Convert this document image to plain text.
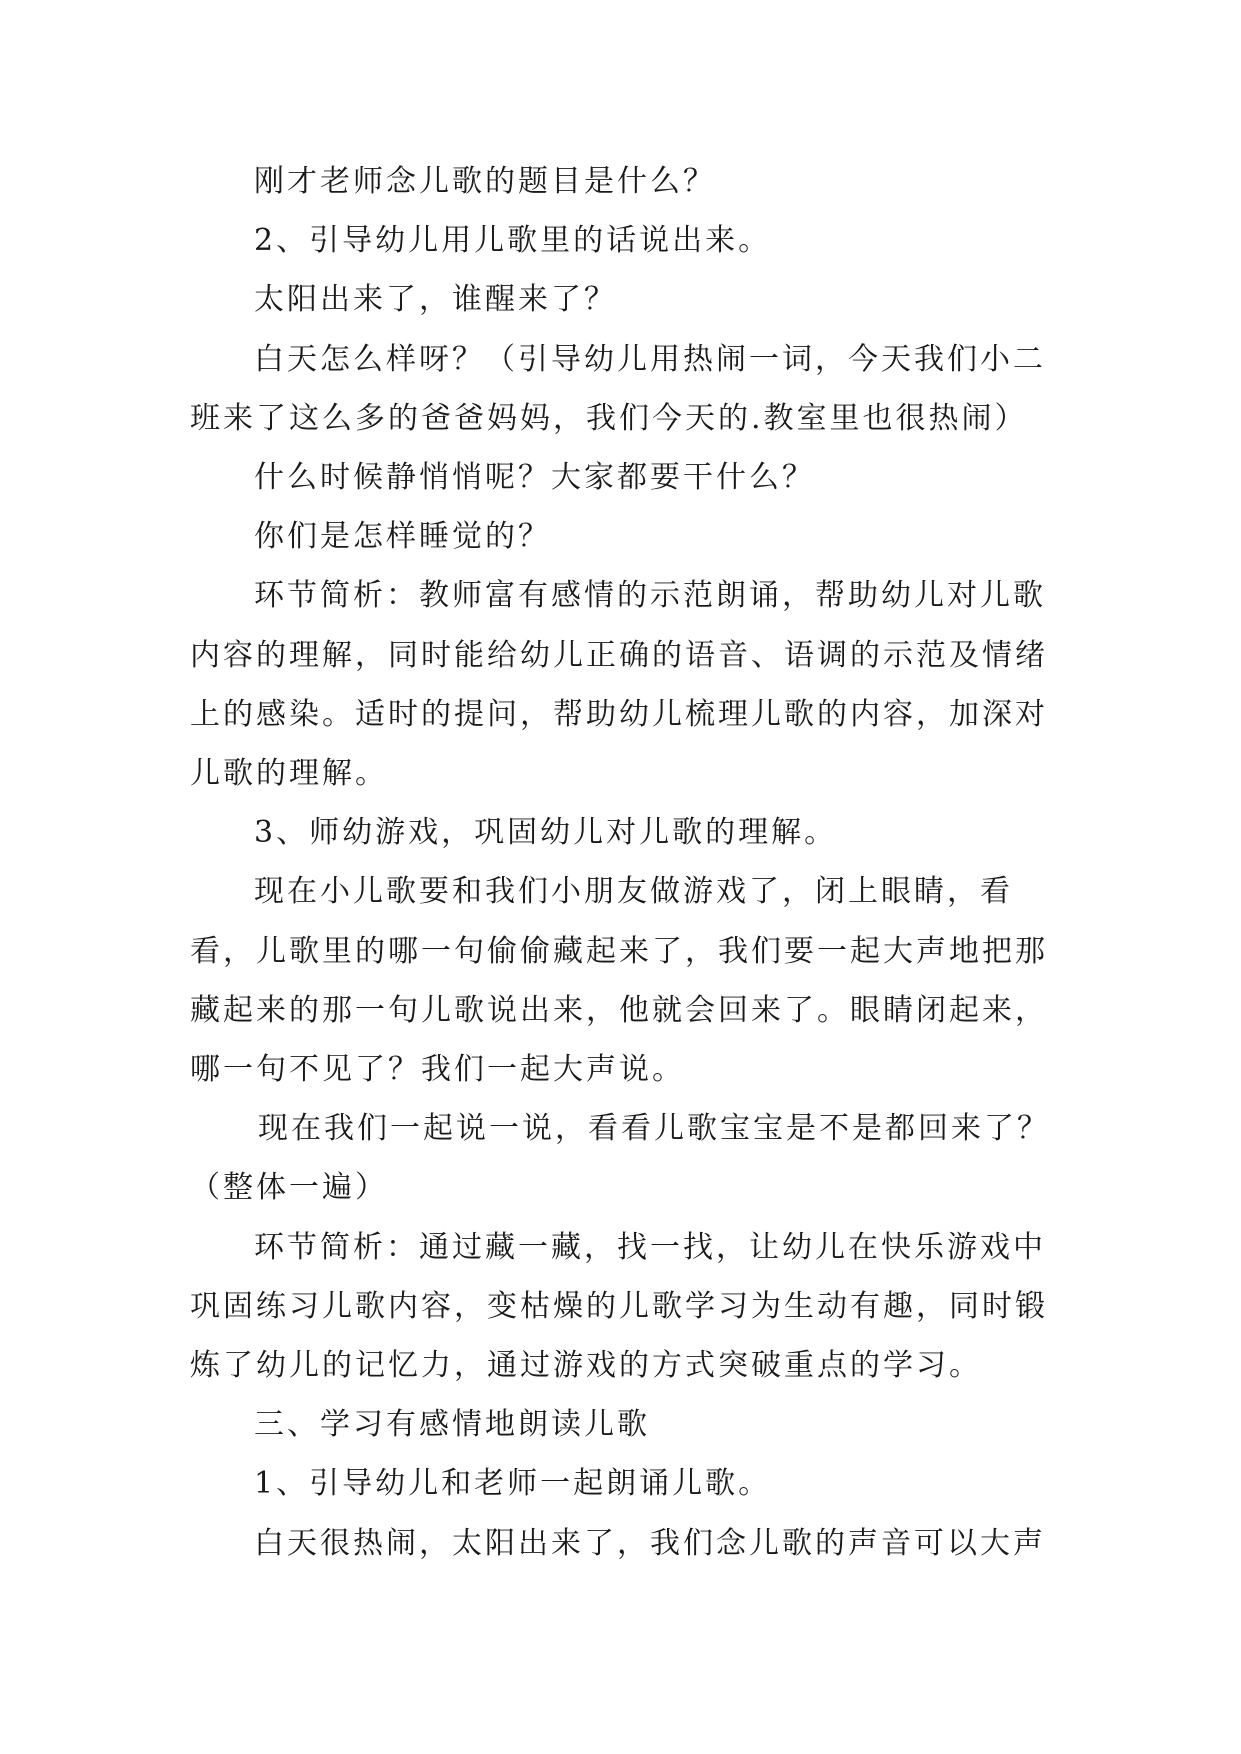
刚才老师念儿歌的题目是什么？

2、引导幼儿用儿歌里的话说出来。

太阳出来了，谁醒来了？

白天怎么样呀？（引导幼儿用热闹一词，今天我们小二班来了这么多的爸爸妈妈，我们今天的.教室里也很热闹）

什么时候静悄悄呢？大家都要干什么？

你们是怎样睡觉的？

环节简析：教师富有感情的示范朗诵，帮助幼儿对儿歌内容的理解，同时能给幼儿正确的语音、语调的示范及情绪上的感染。适时的提问，帮助幼儿梳理儿歌的内容，加深对儿歌的理解。

3、师幼游戏，巩固幼儿对儿歌的理解。

现在小儿歌要和我们小朋友做游戏了，闭上眼睛，看看，儿歌里的哪一句偷偷藏起来了，我们要一起大声地把那藏起来的那一句儿歌说出来，他就会回来了。眼睛闭起来，哪一句不见了？我们一起大声说。

现在我们一起说一说，看看儿歌宝宝是不是都回来了？（整体一遍）

环节简析：通过藏一藏，找一找，让幼儿在快乐游戏中巩固练习儿歌内容，变枯燥的儿歌学习为生动有趣，同时锻炼了幼儿的记忆力，通过游戏的方式突破重点的学习。

三、学习有感情地朗读儿歌

1、引导幼儿和老师一起朗诵儿歌。

白天很热闹，太阳出来了，我们念儿歌的声音可以大声
